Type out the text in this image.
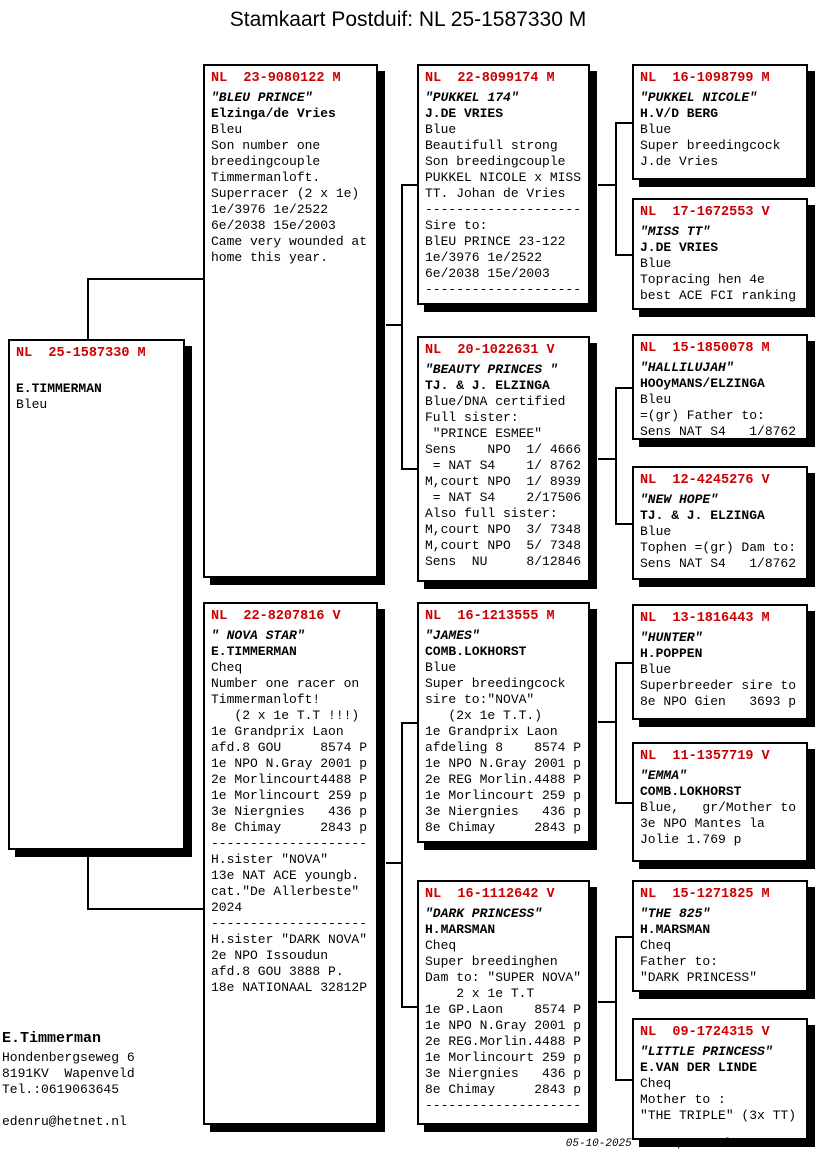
Stamkaart Postduif: NL 25-1587330 M
NL  25-1587330 M
E.TIMMERMAN
Bleu
NL  23-9080122 M
"BLEU PRINCE"
Elzinga/de Vries
Bleu
Son number one
breedingcouple
Timmermanloft.
Superracer (2 x 1e)
1e/3976 1e/2522
6e/2038 15e/2003
Came very wounded at
home this year.
NL  22-8207816 V
" NOVA STAR"
E.TIMMERMAN
Cheq
Number one racer on
Timmermanloft!
(2 x 1e T.T !!!)
1e Grandprix Laon
afd.8 GOU     8574 P
1e NPO N.Gray 2001 p
2e Morlincourt4488 P
1e Morlincourt 259 p
3e Niergnies   436 p
8e Chimay     2843 p
--------------------
H.sister "NOVA"
13e NAT ACE youngb.
cat."De Allerbeste"
2024
--------------------
H.sister "DARK NOVA"
2e NPO Issoudun
afd.8 GOU 3888 P.
18e NATIONAAL 32812P
NL  22-8099174 M
"PUKKEL 174"
J.DE VRIES
Blue
Beautifull strong
Son breedingcouple
PUKKEL NICOLE x MISS
TT. Johan de Vries
--------------------
Sire to:
BlEU PRINCE 23-122
1e/3976 1e/2522
6e/2038 15e/2003
--------------------
NL  20-1022631 V
"BEAUTY PRINCES "
TJ. & J. ELZINGA
Blue/DNA certified
Full sister:
"PRINCE ESMEE"
Sens    NPO  1/ 4666
= NAT S4    1/ 8762
M,court NPO  1/ 8939
= NAT S4    2/17506
Also full sister:
M,court NPO  3/ 7348
M,court NPO  5/ 7348
Sens  NU     8/12846
NL  16-1213555 M
"JAMES"
COMB.LOKHORST
Blue
Super breedingcock
sire to:"NOVA"
(2x 1e T.T.)
1e Grandprix Laon
afdeling 8    8574 P
1e NPO N.Gray 2001 p
2e REG Morlin.4488 P
1e Morlincourt 259 p
3e Niergnies   436 p
8e Chimay     2843 p
NL  16-1112642 V
"DARK PRINCESS"
H.MARSMAN
Cheq
Super breedinghen
Dam to: "SUPER NOVA"
2 x 1e T.T
1e GP.Laon    8574 P
1e NPO N.Gray 2001 p
2e REG.Morlin.4488 P
1e Morlincourt 259 p
3e Niergnies   436 p
8e Chimay     2843 p
--------------------
NL  16-1098799 M
"PUKKEL NICOLE"
H.V/D BERG
Blue
Super breedingcock
J.de Vries
NL  17-1672553 V
"MISS TT"
J.DE VRIES
Blue
Topracing hen 4e
best ACE FCI ranking
NL  15-1850078 M
"HALLILUJAH"
HOOyMANS/ELZINGA
Bleu
=(gr) Father to:
Sens NAT S4   1/8762
NL  12-4245276 V
"NEW HOPE"
TJ. & J. ELZINGA
Blue
Tophen =(gr) Dam to:
Sens NAT S4   1/8762
NL  13-1816443 M
"HUNTER"
H.POPPEN
Blue
Superbreeder sire to
8e NPO Gien   3693 p
NL  11-1357719 V
"EMMA"
COMB.LOKHORST
Blue,   gr/Mother to
3e NPO Mantes la
Jolie 1.769 p
NL  15-1271825 M
"THE 825"
H.MARSMAN
Cheq
Father to:
"DARK PRINCESS"
NL  09-1724315 V
"LITTLE PRINCESS"
E.VAN DER LINDE
Cheq
Mother to :
"THE TRIPLE" (3x TT)
E.Timmerman
Hondenbergseweg 6
8191KV  Wapenveld
Tel.:0619063645

edenru@hetnet.nl
05-10-2025 Compuclub © E.Timmerman
